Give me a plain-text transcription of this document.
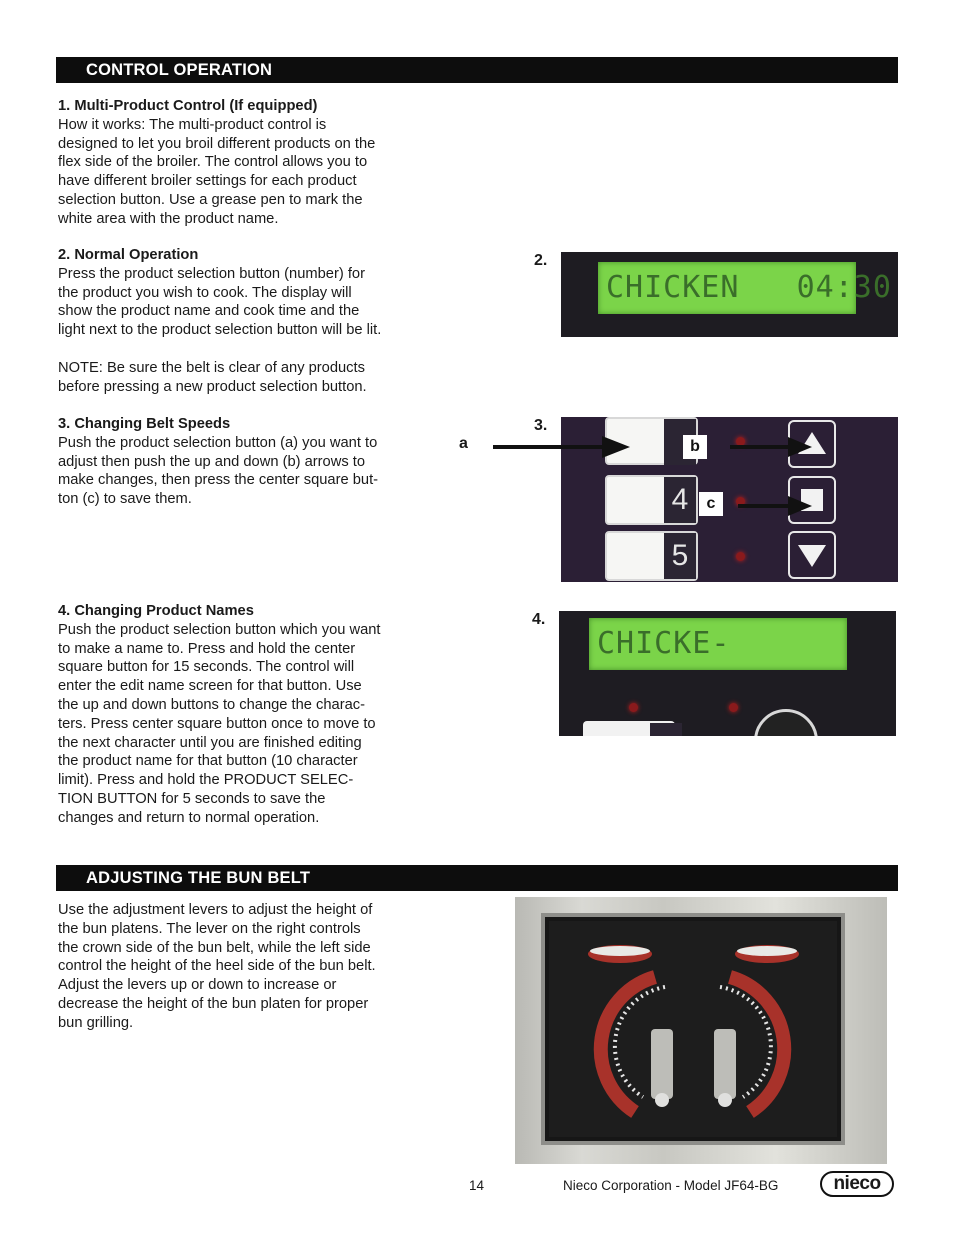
CONTROL OPERATION
1. Multi-Product Control (If equipped)
How it works: The multi-product control is
designed to let you broil different products on the
flex side of the broiler. The control allows you to
have different broiler settings for each product
selection button. Use a grease pen to mark the
white area with the product name.
2. Normal Operation
Press the product selection button (number) for
the product you wish to cook. The display will
show the product name and cook time and the
light next to the product selection button will be lit.

NOTE: Be sure the belt is clear of any products
before pressing a new product selection button.
3. Changing Belt Speeds
Push the product selection button (a) you want to
adjust then push the up and down (b) arrows to
make changes, then press the center square but-
ton (c) to save them.
4. Changing Product Names
Push the product selection button which you want
to make a name to. Press and hold the center
square button for 15 seconds. The control will
enter the edit name screen for that button. Use
the up and down buttons to change the charac-
ters. Press center square button once to move to
the next character until you are finished editing
the product name for that button (10 character
limit). Press and hold the PRODUCT SELEC-
TION BUTTON for 5 seconds to save the
changes and return to normal operation.
2.
CHICKEN   04:30
3.
a
4
5
b
c
4.
CHICKE-
ADJUSTING THE BUN BELT
Use the adjustment levers to adjust the height of
the bun platens. The lever on the right controls
the crown side of the bun belt, while the left side
control the height of the heel side of the bun belt.
Adjust the levers up or down to increase or
decrease the height of the bun platen for proper
bun grilling.
14	Nieco Corporation - Model JF64-BG	nieco
